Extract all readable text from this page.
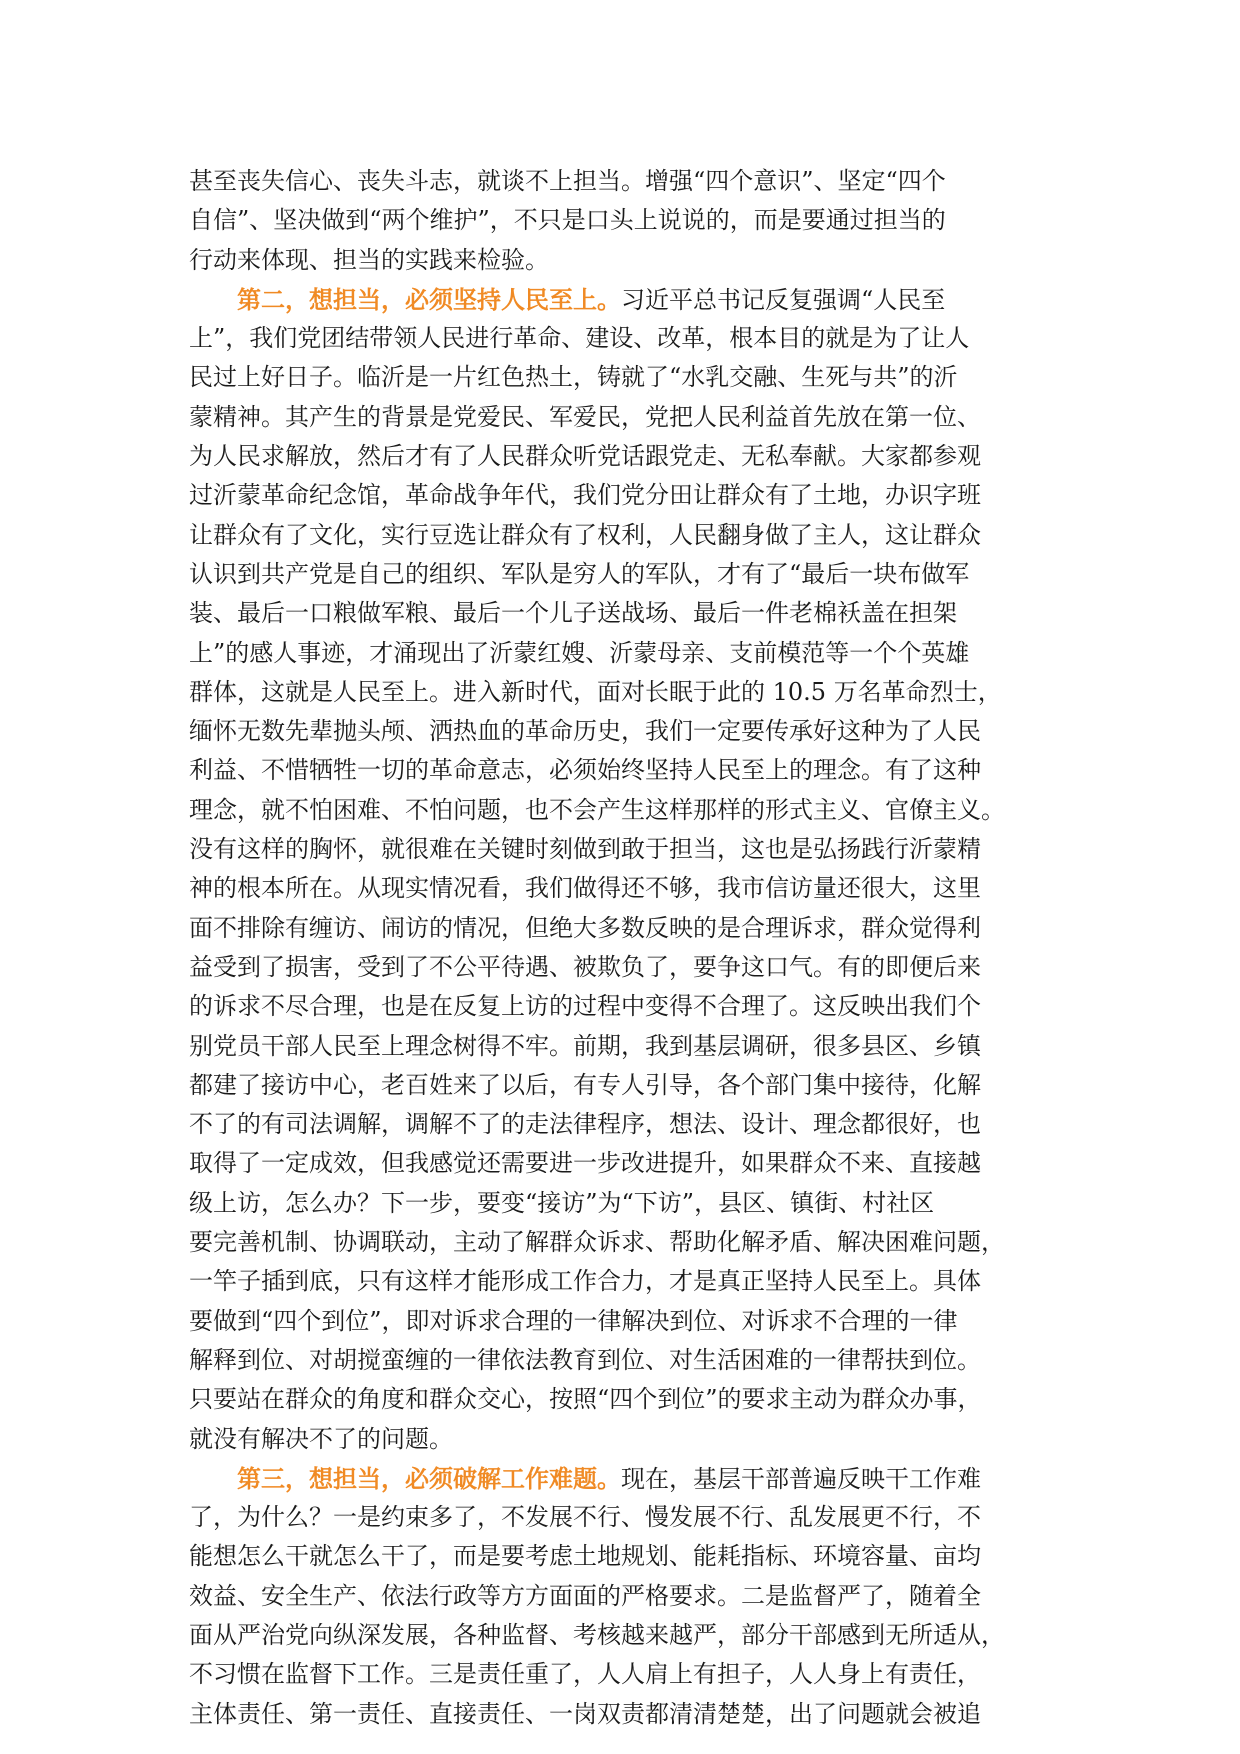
甚至丧失信心、丧失斗志，就谈不上担当。增强“四个意识”、坚定“四个
自信”、坚决做到“两个维护”，不只是口头上说说的，而是要通过担当的
行动来体现、担当的实践来检验。
第二，想担当，必须坚持人民至上。习近平总书记反复强调“人民至
上”，我们党团结带领人民进行革命、建设、改革，根本目的就是为了让人
民过上好日子。临沂是一片红色热土，铸就了“水乳交融、生死与共”的沂
蒙精神。其产生的背景是党爱民、军爱民，党把人民利益首先放在第一位、
为人民求解放，然后才有了人民群众听党话跟党走、无私奉献。大家都参观
过沂蒙革命纪念馆，革命战争年代，我们党分田让群众有了土地，办识字班
让群众有了文化，实行豆选让群众有了权利，人民翻身做了主人，这让群众
认识到共产党是自己的组织、军队是穷人的军队，才有了“最后一块布做军
装、最后一口粮做军粮、最后一个儿子送战场、最后一件老棉袄盖在担架
上”的感人事迹，才涌现出了沂蒙红嫂、沂蒙母亲、支前模范等一个个英雄
群体，这就是人民至上。进入新时代，面对长眠于此的 10.5 万名革命烈士，
缅怀无数先辈抛头颅、洒热血的革命历史，我们一定要传承好这种为了人民
利益、不惜牺牲一切的革命意志，必须始终坚持人民至上的理念。有了这种
理念，就不怕困难、不怕问题，也不会产生这样那样的形式主义、官僚主义。
没有这样的胸怀，就很难在关键时刻做到敢于担当，这也是弘扬践行沂蒙精
神的根本所在。从现实情况看，我们做得还不够，我市信访量还很大，这里
面不排除有缠访、闹访的情况，但绝大多数反映的是合理诉求，群众觉得利
益受到了损害，受到了不公平待遇、被欺负了，要争这口气。有的即便后来
的诉求不尽合理，也是在反复上访的过程中变得不合理了。这反映出我们个
别党员干部人民至上理念树得不牢。前期，我到基层调研，很多县区、乡镇
都建了接访中心，老百姓来了以后，有专人引导，各个部门集中接待，化解
不了的有司法调解，调解不了的走法律程序，想法、设计、理念都很好，也
取得了一定成效，但我感觉还需要进一步改进提升，如果群众不来、直接越
级上访，怎么办？下一步，要变“接访”为“下访”，县区、镇街、村社区
要完善机制、协调联动，主动了解群众诉求、帮助化解矛盾、解决困难问题，
一竿子插到底，只有这样才能形成工作合力，才是真正坚持人民至上。具体
要做到“四个到位”，即对诉求合理的一律解决到位、对诉求不合理的一律
解释到位、对胡搅蛮缠的一律依法教育到位、对生活困难的一律帮扶到位。
只要站在群众的角度和群众交心，按照“四个到位”的要求主动为群众办事，
就没有解决不了的问题。
第三，想担当，必须破解工作难题。现在，基层干部普遍反映干工作难
了，为什么？一是约束多了，不发展不行、慢发展不行、乱发展更不行，不
能想怎么干就怎么干了，而是要考虑土地规划、能耗指标、环境容量、亩均
效益、安全生产、依法行政等方方面面的严格要求。二是监督严了，随着全
面从严治党向纵深发展，各种监督、考核越来越严，部分干部感到无所适从，
不习惯在监督下工作。三是责任重了，人人肩上有担子，人人身上有责任，
主体责任、第一责任、直接责任、一岗双责都清清楚楚，出了问题就会被追
